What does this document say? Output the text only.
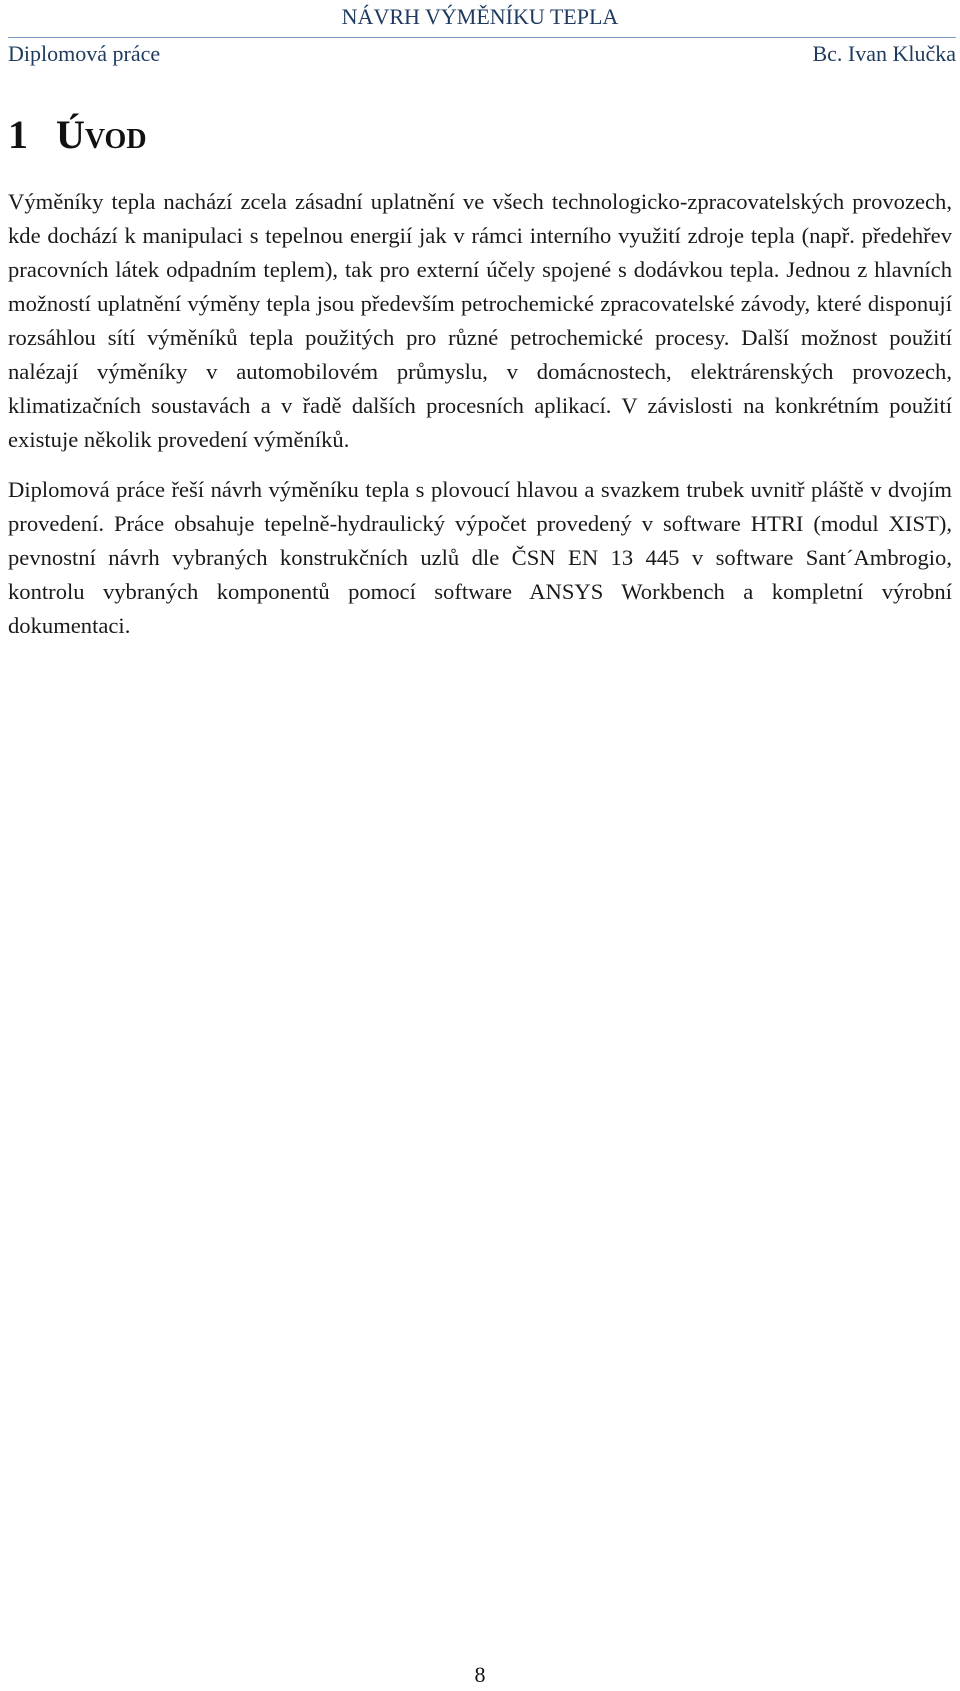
NÁVRH VÝMĚNÍKU TEPLA
Diplomová práce	Bc. Ivan Klučka
1 Úvod

Výměníky tepla nachází zcela zásadní uplatnění ve všech technologicko-zpracovatelských provozech, kde dochází k manipulaci s tepelnou energií jak v rámci interního využití zdroje tepla (např. předehřev pracovních látek odpadním teplem), tak pro externí účely spojené s dodávkou tepla. Jednou z hlavních možností uplatnění výměny tepla jsou především petrochemické zpracovatelské závody, které disponují rozsáhlou sítí výměníků tepla použitých pro různé petrochemické procesy. Další možnost použití nalézají výměníky v automobilovém průmyslu, v domácnostech, elektrárenských provozech, klimatizačních soustavách a v řadě dalších procesních aplikací. V závislosti na konkrétním použití existuje několik provedení výměníků.

Diplomová práce řeší návrh výměníku tepla s plovoucí hlavou a svazkem trubek uvnitř pláště v dvojím provedení. Práce obsahuje tepelně-hydraulický výpočet provedený v software HTRI (modul XIST), pevnostní návrh vybraných konstrukčních uzlů dle ČSN EN 13 445 v software Sant´Ambrogio, kontrolu vybraných komponentů pomocí software ANSYS Workbench a kompletní výrobní dokumentaci.

8
